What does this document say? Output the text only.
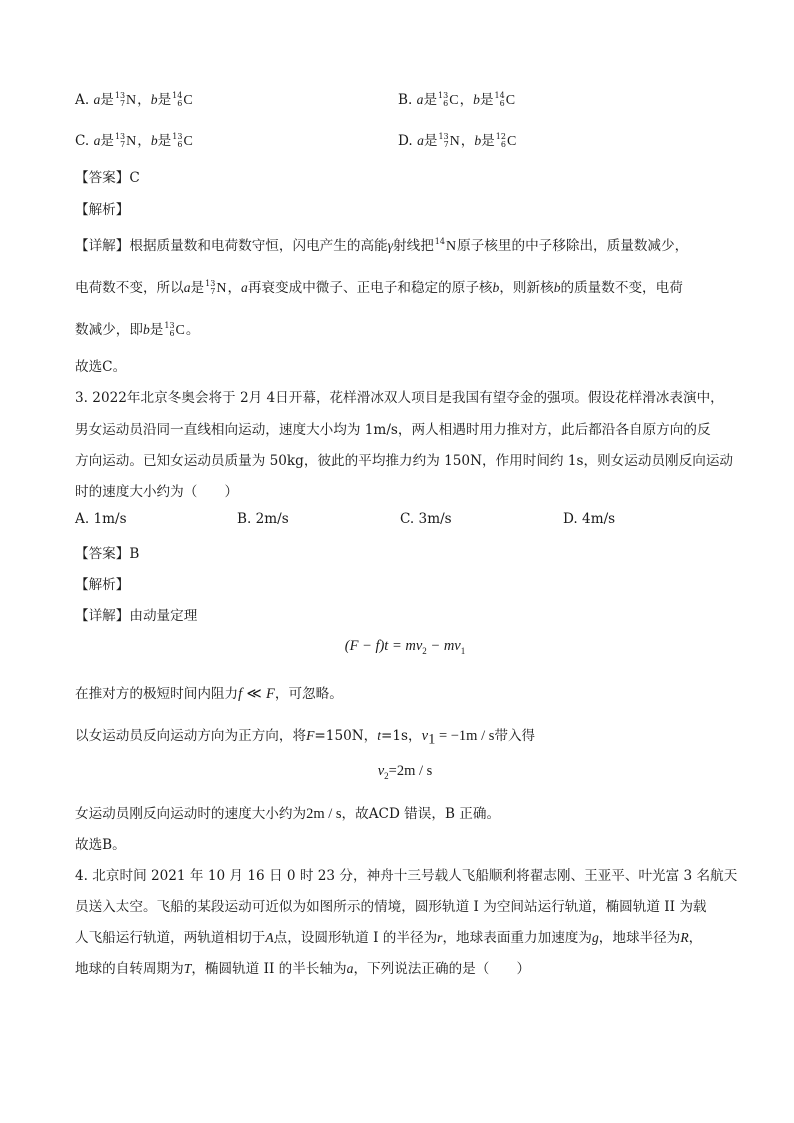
A. a是 13
7 N，b是 14
6 C	B. a是 13
6 C，b是 14
6 C
C. a是 13
7 N，b是 13
6 C	D. a是 13
7 N，b是 12
6 C
【答案】C
【解析】
【详解】根据质量数和电荷数守恒，闪电产生的高能γ射线把 14
N原子核里的中子移除出，质量数减少，
电荷数不变，所以a是 13
7 N，a再衰变成中微子、正电子和稳定的原子核b，则新核b的质量数不变，电荷
数减少，即b是 13
6 C。
故选C。
3. 2022年北京冬奥会将于 2月 4日开幕，花样滑冰双人项目是我国有望夺金的强项。假设花样滑冰表演中，
男女运动员沿同一直线相向运动，速度大小均为 1m/s，两人相遇时用力推对方，此后都沿各自原方向的反
方向运动。已知女运动员质量为 50kg，彼此的平均推力约为 150N，作用时间约 1s，则女运动员刚反向运动
时的速度大小约为（　　）
A. 1m/s	B. 2m/s	C. 3m/s	D. 4m/s
【答案】B
【解析】
【详解】由动量定理
$(F - f)t = mv_2 - mv_1$
在推对方的极短时间内阻力f ≪ F，可忽略。
以女运动员反向运动方向为正方向，将F=150N，t=1s，$v_1 = -1m / s$带入得
$v_2=2m / s$
女运动员刚反向运动时的速度大小约为2m / s，故ACD 错误，B 正确。
故选B。
4. 北京时间 2021 年 10 月 16 日 0 时 23 分，神舟十三号载人飞船顺利将翟志刚、王亚平、叶光富 3 名航天
员送入太空。飞船的某段运动可近似为如图所示的情境，圆形轨道 I 为空间站运行轨道，椭圆轨道 II 为载
人飞船运行轨道，两轨道相切于A点，设圆形轨道 I 的半径为r，地球表面重力加速度为g，地球半径为R，
地球的自转周期为T，椭圆轨道 II 的半长轴为a，下列说法正确的是（　　）
